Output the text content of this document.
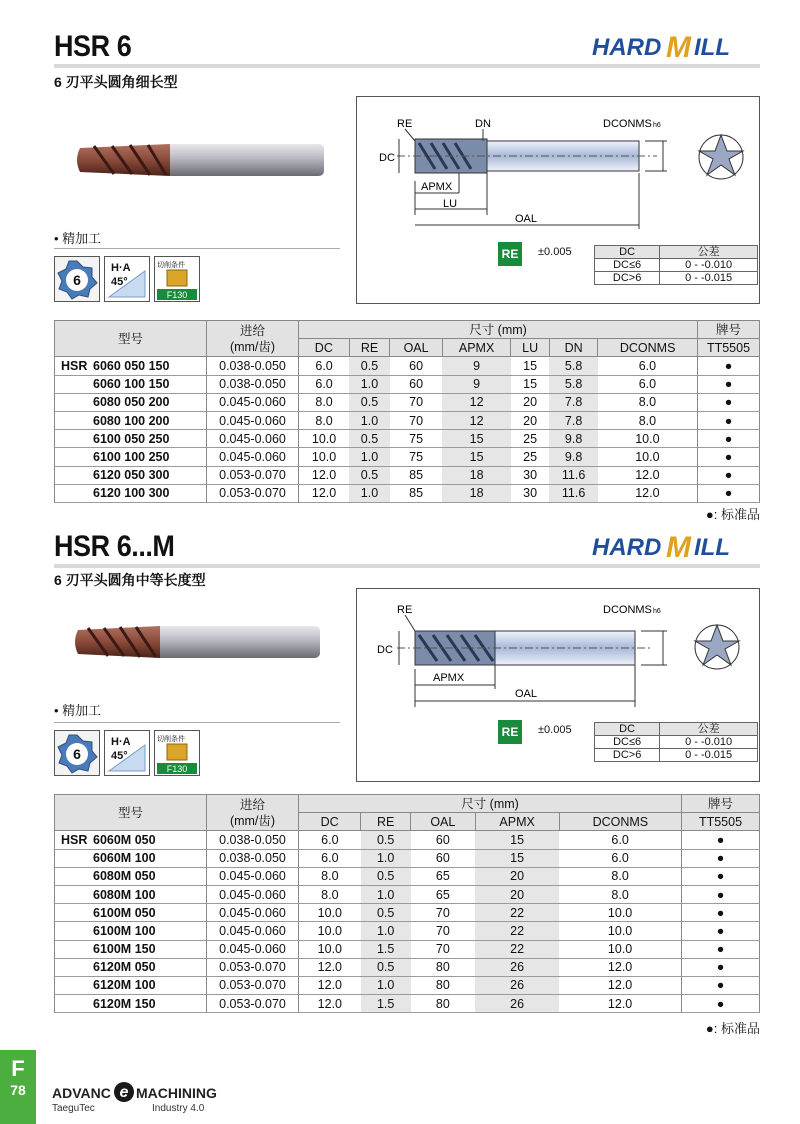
HSR 6	HARD M ILL
6 刃平头圆角细长型
• 精加工
6
H·A
45°
切削条件
F130
RE	DN	DCONMS h6
DC
APMX
LU
OAL
RE	±0.005	DC	公差
DC≤6	0 - -0.010
DC>6	0 - -0.015
型号	进给
(mm/齿)	尺寸 (mm)							牌号
		DC	RE	OAL	APMX	LU	DN	DCONMS	TT5505
HSR 6060 050 150	0.038-0.050	6.0	0.5	60	9	15	5.8	6.0	●
6060 100 150	0.038-0.050	6.0	1.0	60	9	15	5.8	6.0	●
6080 050 200	0.045-0.060	8.0	0.5	70	12	20	7.8	8.0	●
6080 100 200	0.045-0.060	8.0	1.0	70	12	20	7.8	8.0	●
6100 050 250	0.045-0.060	10.0	0.5	75	15	25	9.8	10.0	●
6100 100 250	0.045-0.060	10.0	1.0	75	15	25	9.8	10.0	●
6120 050 300	0.053-0.070	12.0	0.5	85	18	30	11.6	12.0	●
6120 100 300	0.053-0.070	12.0	1.0	85	18	30	11.6	12.0	●
●: 标准品
HSR 6...M	HARD M ILL
6 刃平头圆角中等长度型
• 精加工
6
H·A
45°
切削条件
F130
RE	DCONMS h6
DC
APMX
OAL
RE	±0.005	DC	公差
DC≤6	0 - -0.010
DC>6	0 - -0.015
型号	进给
(mm/齿)	尺寸 (mm)					牌号
		DC	RE	OAL	APMX	DCONMS	TT5505
HSR 6060M 050	0.038-0.050	6.0	0.5	60	15	6.0	●
6060M 100	0.038-0.050	6.0	1.0	60	15	6.0	●
6080M 050	0.045-0.060	8.0	0.5	65	20	8.0	●
6080M 100	0.045-0.060	8.0	1.0	65	20	8.0	●
6100M 050	0.045-0.060	10.0	0.5	70	22	10.0	●
6100M 100	0.045-0.060	10.0	1.0	70	22	10.0	●
6100M 150	0.045-0.060	10.0	1.5	70	22	10.0	●
6120M 050	0.053-0.070	12.0	0.5	80	26	12.0	●
6120M 100	0.053-0.070	12.0	1.0	80	26	12.0	●
6120M 150	0.053-0.070	12.0	1.5	80	26	12.0	●
●: 标准品
F
78	ADVANC e MACHINING
TaeguTec	Industry 4.0
